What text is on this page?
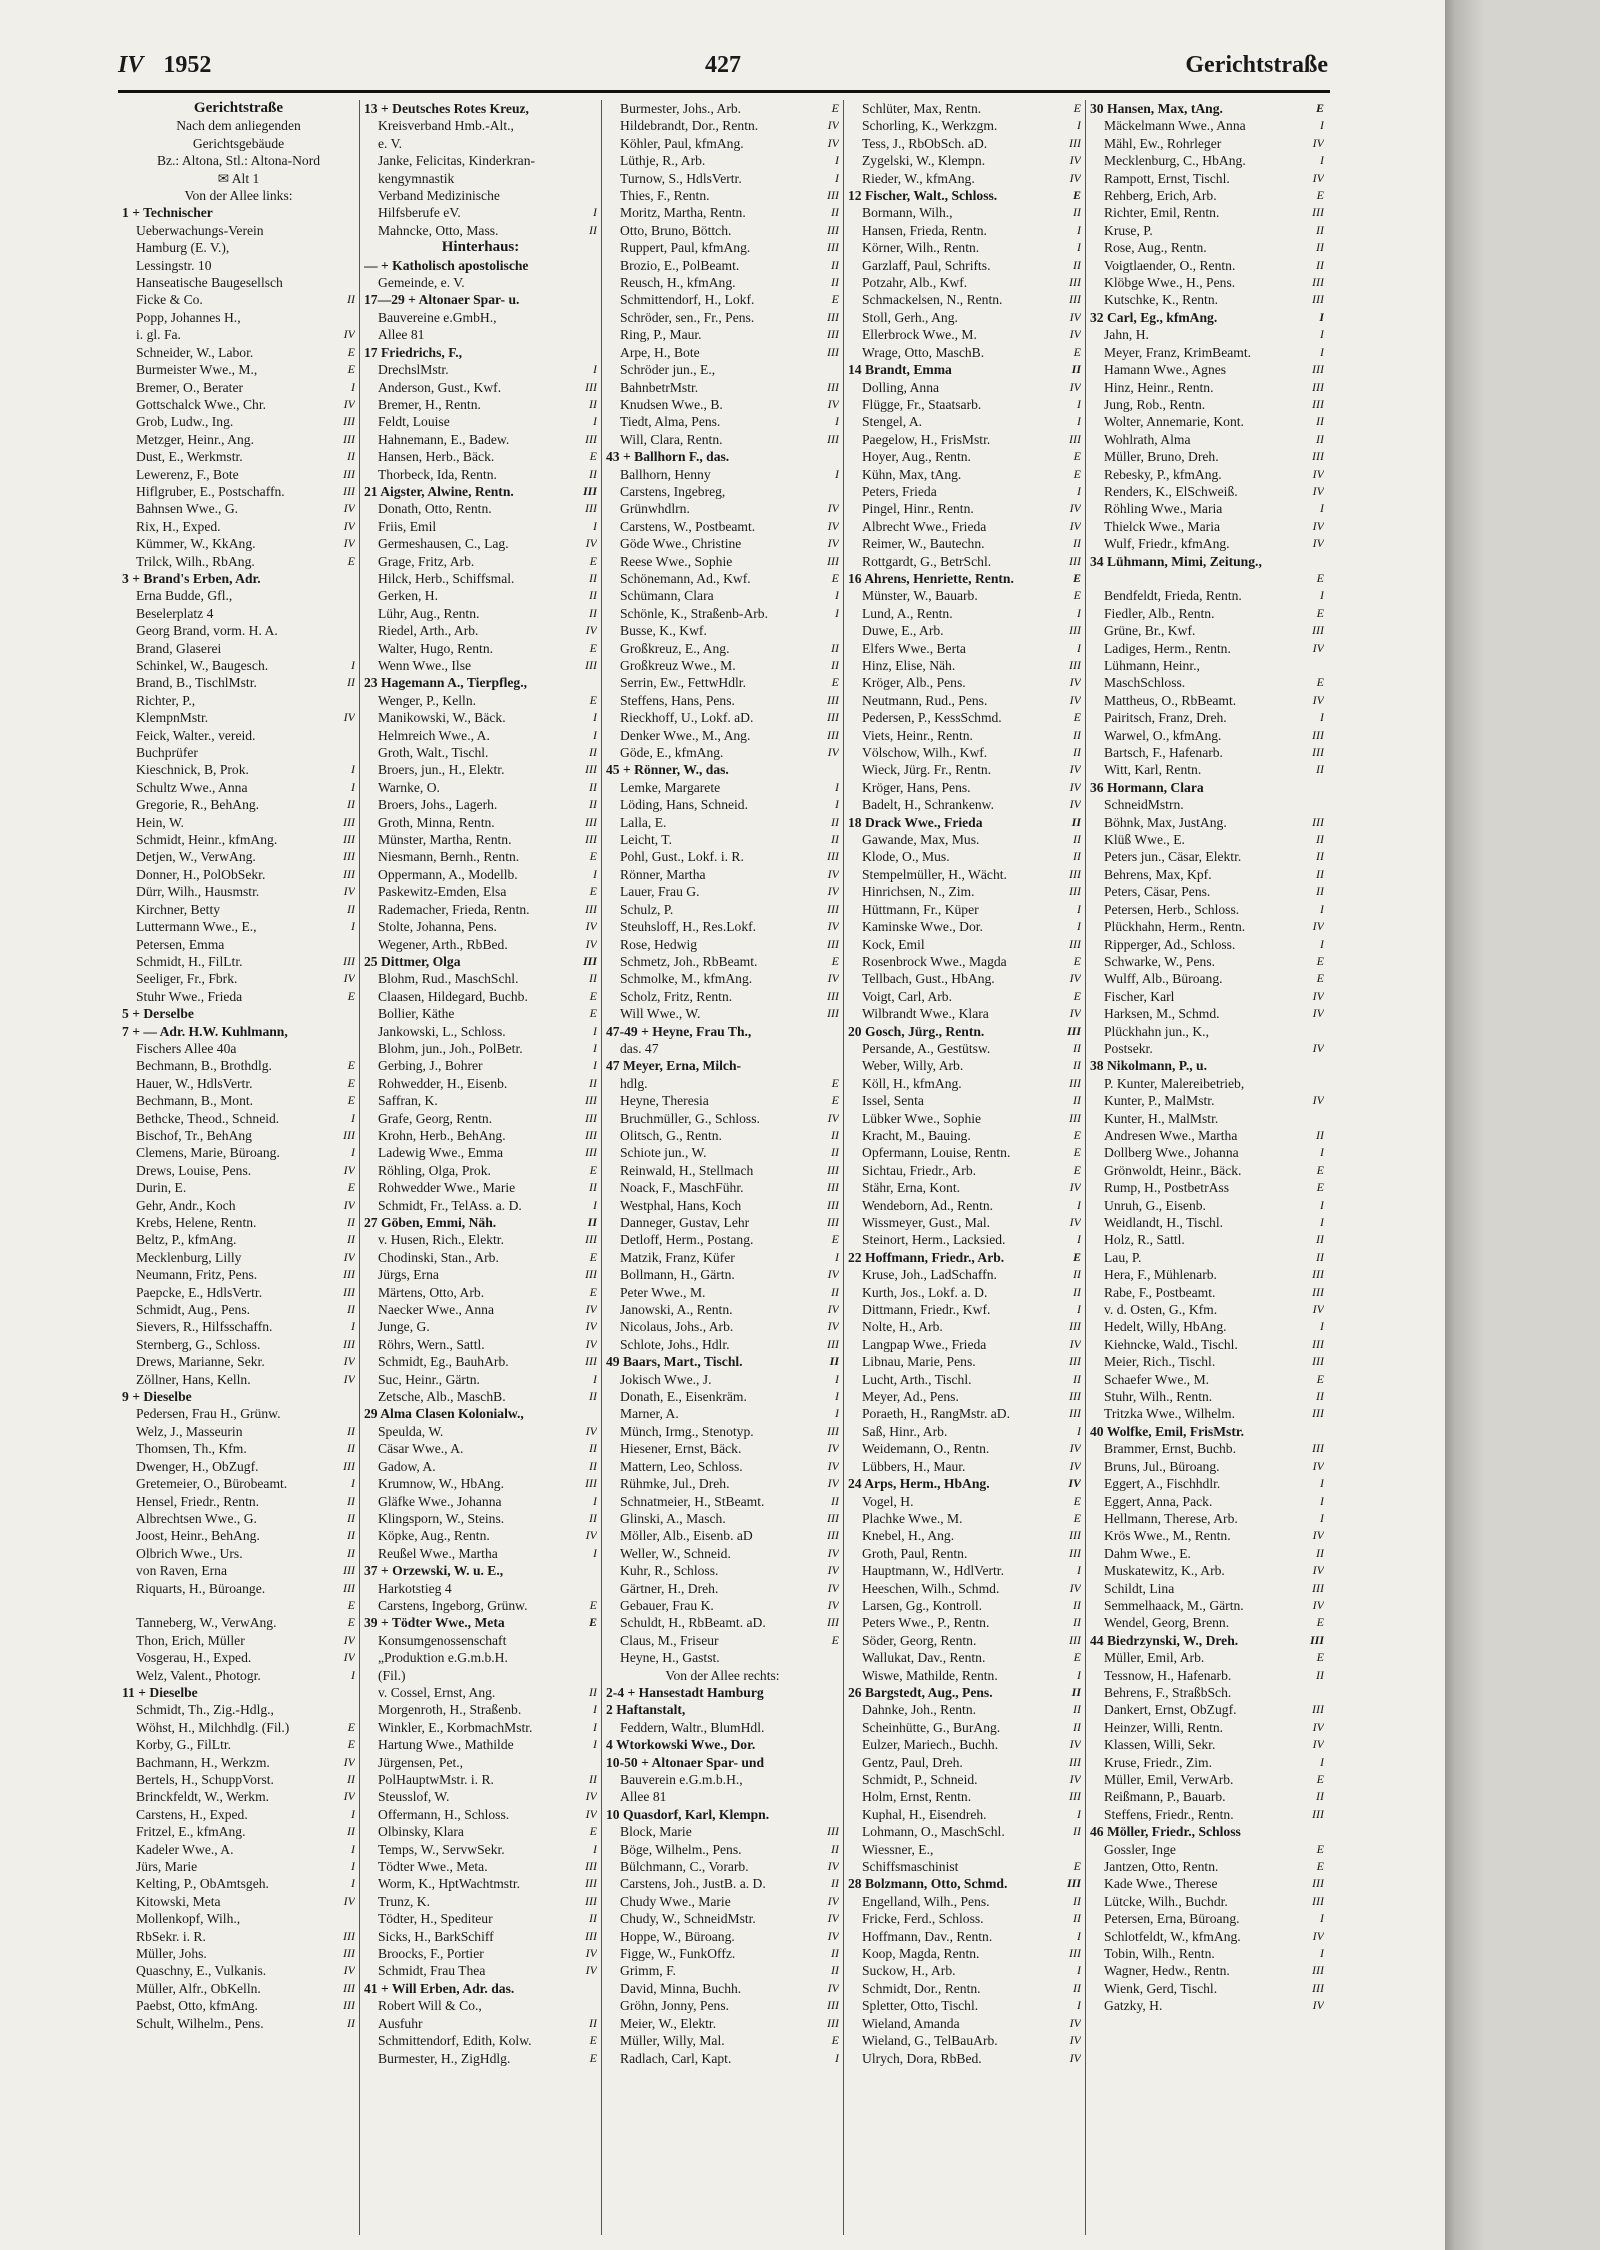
IV 1952	427	Gerichtstraße
Gerichtstraße
Nach dem anliegenden
Gerichtsgebäude
Bz.: Altona, Stl.: Altona-Nord
✉ Alt 1
Von der Allee links:
1 + Technischer
Ueberwachungs-Verein
Hamburg (E. V.),
Lessingstr. 10
Hanseatische Baugesellsch
II
Ficke & Co.
Popp, Johannes H.,
IV
i. gl. Fa.
E
Schneider, W., Labor.
E
Burmeister Wwe., M.,
I
Bremer, O., Berater
IV
Gottschalck Wwe., Chr.
III
Grob, Ludw., Ing.
III
Metzger, Heinr., Ang.
II
Dust, E., Werkmstr.
III
Lewerenz, F., Bote
III
Hiflgruber, E., Postschaffn.
IV
Bahnsen Wwe., G.
IV
Rix, H., Exped.
IV
Kümmer, W., KkAng.
E
Trilck, Wilh., RbAng.
3 + Brand's Erben, Adr.
Erna Budde, Gfl.,
Beselerplatz 4
Georg Brand, vorm. H. A.
Brand, Glaserei
I
Schinkel, W., Baugesch.
II
Brand, B., TischlMstr.
Richter, P.,
IV
KlempnMstr.
Feick, Walter., vereid.
Buchprüfer
I
Kieschnick, B, Prok.
I
Schultz Wwe., Anna
II
Gregorie, R., BehAng.
III
Hein, W.
III
Schmidt, Heinr., kfmAng.
III
Detjen, W., VerwAng.
III
Donner, H., PolObSekr.
IV
Dürr, Wilh., Hausmstr.
II
Kirchner, Betty
I
Luttermann Wwe., E.,
Petersen, Emma
III
Schmidt, H., FilLtr.
IV
Seeliger, Fr., Fbrk.
E
Stuhr Wwe., Frieda
5 + Derselbe
7 + — Adr. H.W. Kuhlmann,
Fischers Allee 40a
E
Bechmann, B., Brothdlg.
E
Hauer, W., HdlsVertr.
E
Bechmann, B., Mont.
I
Bethcke, Theod., Schneid.
III
Bischof, Tr., BehAng
I
Clemens, Marie, Büroang.
IV
Drews, Louise, Pens.
E
Durin, E.
IV
Gehr, Andr., Koch
II
Krebs, Helene, Rentn.
II
Beltz, P., kfmAng.
IV
Mecklenburg, Lilly
III
Neumann, Fritz, Pens.
III
Paepcke, E., HdlsVertr.
II
Schmidt, Aug., Pens.
I
Sievers, R., Hilfsschaffn.
III
Sternberg, G., Schloss.
IV
Drews, Marianne, Sekr.
IV
Zöllner, Hans, Kelln.
9 + Dieselbe
Pedersen, Frau H., Grünw.
II
Welz, J., Masseurin
II
Thomsen, Th., Kfm.
III
Dwenger, H., ObZugf.
I
Gretemeier, O., Bürobeamt.
II
Hensel, Friedr., Rentn.
II
Albrechtsen Wwe., G.
II
Joost, Heinr., BehAng.
II
Olbrich Wwe., Urs.
III
von Raven, Erna
III
Riquarts, H., Büroange.
E
E
Tanneberg, W., VerwAng.
IV
Thon, Erich, Müller
IV
Vosgerau, H., Exped.
I
Welz, Valent., Photogr.
11 + Dieselbe
Schmidt, Th., Zig.-Hdlg.,
E
Wöhst, H., Milchhdlg. (Fil.)
E
Korby, G., FilLtr.
IV
Bachmann, H., Werkzm.
II
Bertels, H., SchuppVorst.
IV
Brinckfeldt, W., Werkm.
I
Carstens, H., Exped.
II
Fritzel, E., kfmAng.
I
Kadeler Wwe., A.
I
Jürs, Marie
I
Kelting, P., ObAmtsgeh.
IV
Kitowski, Meta
Mollenkopf, Wilh.,
III
RbSekr. i. R.
III
Müller, Johs.
IV
Quaschny, E., Vulkanis.
III
Müller, Alfr., ObKelln.
III
Paebst, Otto, kfmAng.
II
Schult, Wilhelm., Pens.
13 + Deutsches Rotes Kreuz,
Kreisverband Hmb.-Alt.,
e. V.
Janke, Felicitas, Kinderkran-
kengymnastik
Verband Medizinische
I
Hilfsberufe eV.
II
Mahncke, Otto, Mass.
Hinterhaus:
— + Katholisch apostolische
Gemeinde, e. V.
17—29 + Altonaer Spar- u.
Bauvereine e.GmbH.,
Allee 81
17 Friedrichs, F.,
I
DrechslMstr.
III
Anderson, Gust., Kwf.
II
Bremer, H., Rentn.
I
Feldt, Louise
III
Hahnemann, E., Badew.
E
Hansen, Herb., Bäck.
II
Thorbeck, Ida, Rentn.
III
21 Aigster, Alwine, Rentn.
III
Donath, Otto, Rentn.
I
Friis, Emil
IV
Germeshausen, C., Lag.
E
Grage, Fritz, Arb.
II
Hilck, Herb., Schiffsmal.
II
Gerken, H.
II
Lühr, Aug., Rentn.
IV
Riedel, Arth., Arb.
E
Walter, Hugo, Rentn.
III
Wenn Wwe., Ilse
23 Hagemann A., Tierpfleg.,
E
Wenger, P., Kelln.
I
Manikowski, W., Bäck.
I
Helmreich Wwe., A.
II
Groth, Walt., Tischl.
III
Broers, jun., H., Elektr.
II
Warnke, O.
II
Broers, Johs., Lagerh.
III
Groth, Minna, Rentn.
III
Münster, Martha, Rentn.
E
Niesmann, Bernh., Rentn.
I
Oppermann, A., Modellb.
E
Paskewitz-Emden, Elsa
III
Rademacher, Frieda, Rentn.
IV
Stolte, Johanna, Pens.
IV
Wegener, Arth., RbBed.
III
25 Dittmer, Olga
II
Blohm, Rud., MaschSchl.
E
Claasen, Hildegard, Buchb.
E
Bollier, Käthe
I
Jankowski, L., Schloss.
I
Blohm, jun., Joh., PolBetr.
I
Gerbing, J., Bohrer
II
Rohwedder, H., Eisenb.
III
Saffran, K.
III
Grafe, Georg, Rentn.
III
Krohn, Herb., BehAng.
III
Ladewig Wwe., Emma
E
Röhling, Olga, Prok.
II
Rohwedder Wwe., Marie
I
Schmidt, Fr., TelAss. a. D.
II
27 Göben, Emmi, Näh.
III
v. Husen, Rich., Elektr.
E
Chodinski, Stan., Arb.
III
Jürgs, Erna
E
Märtens, Otto, Arb.
IV
Naecker Wwe., Anna
IV
Junge, G.
IV
Röhrs, Wern., Sattl.
III
Schmidt, Eg., BauhArb.
I
Suc, Heinr., Gärtn.
II
Zetsche, Alb., MaschB.
29 Alma Clasen Kolonialw.,
IV
Speulda, W.
II
Cäsar Wwe., A.
II
Gadow, A.
III
Krumnow, W., HbAng.
I
Gläfke Wwe., Johanna
II
Klingsporn, W., Steins.
IV
Köpke, Aug., Rentn.
I
Reußel Wwe., Martha
37 + Orzewski, W. u. E.,
Harkotstieg 4
E
Carstens, Ingeborg, Grünw.
E
39 + Tödter Wwe., Meta
Konsumgenossenschaft
„Produktion e.G.m.b.H.
(Fil.)
II
v. Cossel, Ernst, Ang.
I
Morgenroth, H., Straßenb.
I
Winkler, E., KorbmachMstr.
I
Hartung Wwe., Mathilde
Jürgensen, Pet.,
II
PolHauptwMstr. i. R.
IV
Steusslof, W.
IV
Offermann, H., Schloss.
E
Olbinsky, Klara
I
Temps, W., ServwSekr.
III
Tödter Wwe., Meta.
III
Worm, K., HptWachtmstr.
III
Trunz, K.
II
Tödter, H., Spediteur
III
Sicks, H., BarkSchiff
IV
Broocks, F., Portier
IV
Schmidt, Frau Thea
41 + Will Erben, Adr. das.
Robert Will & Co.,
II
Ausfuhr
E
Schmittendorf, Edith, Kolw.
E
Burmester, H., ZigHdlg.
E
Burmester, Johs., Arb.
IV
Hildebrandt, Dor., Rentn.
IV
Köhler, Paul, kfmAng.
I
Lüthje, R., Arb.
I
Turnow, S., HdlsVertr.
III
Thies, F., Rentn.
II
Moritz, Martha, Rentn.
III
Otto, Bruno, Böttch.
III
Ruppert, Paul, kfmAng.
II
Brozio, E., PolBeamt.
II
Reusch, H., kfmAng.
E
Schmittendorf, H., Lokf.
III
Schröder, sen., Fr., Pens.
III
Ring, P., Maur.
III
Arpe, H., Bote
Schröder jun., E.,
III
BahnbetrMstr.
IV
Knudsen Wwe., B.
I
Tiedt, Alma, Pens.
III
Will, Clara, Rentn.
43 + Ballhorn F., das.
I
Ballhorn, Henny
Carstens, Ingebreg,
IV
Grünwhdlrn.
IV
Carstens, W., Postbeamt.
IV
Göde Wwe., Christine
III
Reese Wwe., Sophie
E
Schönemann, Ad., Kwf.
I
Schümann, Clara
I
Schönle, K., Straßenb-Arb.
Busse, K., Kwf.
II
Großkreuz, E., Ang.
II
Großkreuz Wwe., M.
E
Serrin, Ew., FettwHdlr.
III
Steffens, Hans, Pens.
III
Rieckhoff, U., Lokf. aD.
III
Denker Wwe., M., Ang.
IV
Göde, E., kfmAng.
45 + Rönner, W., das.
I
Lemke, Margarete
I
Löding, Hans, Schneid.
II
Lalla, E.
II
Leicht, T.
III
Pohl, Gust., Lokf. i. R.
IV
Rönner, Martha
IV
Lauer, Frau G.
III
Schulz, P.
IV
Steuhsloff, H., Res.Lokf.
III
Rose, Hedwig
E
Schmetz, Joh., RbBeamt.
IV
Schmolke, M., kfmAng.
III
Scholz, Fritz, Rentn.
III
Will Wwe., W.
47-49 + Heyne, Frau Th.,
das. 47
47 Meyer, Erna, Milch-
E
hdlg.
E
Heyne, Theresia
IV
Bruchmüller, G., Schloss.
II
Olitsch, G., Rentn.
II
Schiote jun., W.
III
Reinwald, H., Stellmach
III
Noack, F., MaschFühr.
III
Westphal, Hans, Koch
III
Danneger, Gustav, Lehr
E
Detloff, Herm., Postang.
I
Matzik, Franz, Küfer
IV
Bollmann, H., Gärtn.
II
Peter Wwe., M.
IV
Janowski, A., Rentn.
IV
Nicolaus, Johs., Arb.
III
Schlote, Johs., Hdlr.
II
49 Baars, Mart., Tischl.
I
Jokisch Wwe., J.
I
Donath, E., Eisenkräm.
I
Marner, A.
III
Münch, Irmg., Stenotyp.
IV
Hiesener, Ernst, Bäck.
IV
Mattern, Leo, Schloss.
IV
Rühmke, Jul., Dreh.
II
Schnatmeier, H., StBeamt.
III
Glinski, A., Masch.
III
Möller, Alb., Eisenb. aD
IV
Weller, W., Schneid.
IV
Kuhr, R., Schloss.
IV
Gärtner, H., Dreh.
IV
Gebauer, Frau K.
III
Schuldt, H., RbBeamt. aD.
E
Claus, M., Friseur
Heyne, H., Gastst.
Von der Allee rechts:
2-4 + Hansestadt Hamburg
2 Haftanstalt,
Feddern, Waltr., BlumHdl.
4 Wtorkowski Wwe., Dor.
10-50 + Altonaer Spar- und
Bauverein e.G.m.b.H.,
Allee 81
10 Quasdorf, Karl, Klempn.
III
Block, Marie
II
Böge, Wilhelm., Pens.
IV
Bülchmann, C., Vorarb.
II
Carstens, Joh., JustB. a. D.
IV
Chudy Wwe., Marie
IV
Chudy, W., SchneidMstr.
IV
Hoppe, W., Büroang.
II
Figge, W., FunkOffz.
II
Grimm, F.
IV
David, Minna, Buchh.
III
Gröhn, Jonny, Pens.
III
Meier, W., Elektr.
E
Müller, Willy, Mal.
I
Radlach, Carl, Kapt.
E
Schlüter, Max, Rentn.
I
Schorling, K., Werkzgm.
III
Tess, J., RbObSch. aD.
IV
Zygelski, W., Klempn.
IV
Rieder, W., kfmAng.
E
12 Fischer, Walt., Schloss.
II
Bormann, Wilh.,
I
Hansen, Frieda, Rentn.
I
Körner, Wilh., Rentn.
II
Garzlaff, Paul, Schrifts.
III
Potzahr, Alb., Kwf.
III
Schmackelsen, N., Rentn.
IV
Stoll, Gerh., Ang.
IV
Ellerbrock Wwe., M.
E
Wrage, Otto, MaschB.
II
14 Brandt, Emma
IV
Dolling, Anna
I
Flügge, Fr., Staatsarb.
I
Stengel, A.
III
Paegelow, H., FrisMstr.
E
Hoyer, Aug., Rentn.
E
Kühn, Max, tAng.
I
Peters, Frieda
IV
Pingel, Hinr., Rentn.
IV
Albrecht Wwe., Frieda
II
Reimer, W., Bautechn.
III
Rottgardt, G., BetrSchl.
E
16 Ahrens, Henriette, Rentn.
E
Münster, W., Bauarb.
I
Lund, A., Rentn.
III
Duwe, E., Arb.
I
Elfers Wwe., Berta
III
Hinz, Elise, Näh.
IV
Kröger, Alb., Pens.
IV
Neutmann, Rud., Pens.
E
Pedersen, P., KessSchmd.
II
Viets, Heinr., Rentn.
II
Völschow, Wilh., Kwf.
IV
Wieck, Jürg. Fr., Rentn.
IV
Kröger, Hans, Pens.
IV
Badelt, H., Schrankenw.
II
18 Drack Wwe., Frieda
II
Gawande, Max, Mus.
II
Klode, O., Mus.
III
Stempelmüller, H., Wächt.
III
Hinrichsen, N., Zim.
I
Hüttmann, Fr., Küper
I
Kaminske Wwe., Dor.
III
Kock, Emil
E
Rosenbrock Wwe., Magda
IV
Tellbach, Gust., HbAng.
E
Voigt, Carl, Arb.
IV
Wilbrandt Wwe., Klara
III
20 Gosch, Jürg., Rentn.
II
Persande, A., Gestütsw.
II
Weber, Willy, Arb.
III
Köll, H., kfmAng.
II
Issel, Senta
III
Lübker Wwe., Sophie
E
Kracht, M., Bauing.
E
Opfermann, Louise, Rentn.
E
Sichtau, Friedr., Arb.
IV
Stähr, Erna, Kont.
I
Wendeborn, Ad., Rentn.
IV
Wissmeyer, Gust., Mal.
I
Steinort, Herm., Lacksied.
E
22 Hoffmann, Friedr., Arb.
II
Kruse, Joh., LadSchaffn.
II
Kurth, Jos., Lokf. a. D.
I
Dittmann, Friedr., Kwf.
III
Nolte, H., Arb.
IV
Langpap Wwe., Frieda
III
Libnau, Marie, Pens.
II
Lucht, Arth., Tischl.
III
Meyer, Ad., Pens.
III
Poraeth, H., RangMstr. aD.
I
Saß, Hinr., Arb.
IV
Weidemann, O., Rentn.
IV
Lübbers, H., Maur.
IV
24 Arps, Herm., HbAng.
E
Vogel, H.
E
Plachke Wwe., M.
III
Knebel, H., Ang.
III
Groth, Paul, Rentn.
I
Hauptmann, W., HdlVertr.
IV
Heeschen, Wilh., Schmd.
II
Larsen, Gg., Kontroll.
II
Peters Wwe., P., Rentn.
III
Söder, Georg, Rentn.
E
Wallukat, Dav., Rentn.
I
Wiswe, Mathilde, Rentn.
II
26 Bargstedt, Aug., Pens.
II
Dahnke, Joh., Rentn.
II
Scheinhütte, G., BurAng.
IV
Eulzer, Mariech., Buchh.
III
Gentz, Paul, Dreh.
IV
Schmidt, P., Schneid.
III
Holm, Ernst, Rentn.
I
Kuphal, H., Eisendreh.
II
Lohmann, O., MaschSchl.
Wiessner, E.,
E
Schiffsmaschinist
III
28 Bolzmann, Otto, Schmd.
II
Engelland, Wilh., Pens.
II
Fricke, Ferd., Schloss.
I
Hoffmann, Dav., Rentn.
III
Koop, Magda, Rentn.
I
Suckow, H., Arb.
II
Schmidt, Dor., Rentn.
I
Spletter, Otto, Tischl.
IV
Wieland, Amanda
IV
Wieland, G., TelBauArb.
IV
Ulrych, Dora, RbBed.
E
30 Hansen, Max, tAng.
I
Mäckelmann Wwe., Anna
IV
Mähl, Ew., Rohrleger
I
Mecklenburg, C., HbAng.
IV
Rampott, Ernst, Tischl.
E
Rehberg, Erich, Arb.
III
Richter, Emil, Rentn.
II
Kruse, P.
II
Rose, Aug., Rentn.
II
Voigtlaender, O., Rentn.
III
Klöbge Wwe., H., Pens.
III
Kutschke, K., Rentn.
I
32 Carl, Eg., kfmAng.
I
Jahn, H.
I
Meyer, Franz, KrimBeamt.
III
Hamann Wwe., Agnes
III
Hinz, Heinr., Rentn.
III
Jung, Rob., Rentn.
II
Wolter, Annemarie, Kont.
II
Wohlrath, Alma
III
Müller, Bruno, Dreh.
IV
Rebesky, P., kfmAng.
IV
Renders, K., ElSchweiß.
I
Röhling Wwe., Maria
IV
Thielck Wwe., Maria
IV
Wulf, Friedr., kfmAng.
34 Lühmann, Mimi, Zeitung.,
E
I
Bendfeldt, Frieda, Rentn.
E
Fiedler, Alb., Rentn.
III
Grüne, Br., Kwf.
IV
Ladiges, Herm., Rentn.
Lühmann, Heinr.,
E
MaschSchloss.
IV
Mattheus, O., RbBeamt.
I
Pairitsch, Franz, Dreh.
III
Warwel, O., kfmAng.
III
Bartsch, F., Hafenarb.
II
Witt, Karl, Rentn.
36 Hormann, Clara
SchneidMstrn.
III
Böhnk, Max, JustAng.
II
Klüß Wwe., E.
II
Peters jun., Cäsar, Elektr.
II
Behrens, Max, Kpf.
II
Peters, Cäsar, Pens.
I
Petersen, Herb., Schloss.
IV
Plückhahn, Herm., Rentn.
I
Ripperger, Ad., Schloss.
E
Schwarke, W., Pens.
E
Wulff, Alb., Büroang.
IV
Fischer, Karl
IV
Harksen, M., Schmd.
Plückhahn jun., K.,
IV
Postsekr.
38 Nikolmann, P., u.
P. Kunter, Malereibetrieb,
IV
Kunter, P., MalMstr.
Kunter, H., MalMstr.
II
Andresen Wwe., Martha
I
Dollberg Wwe., Johanna
E
Grönwoldt, Heinr., Bäck.
E
Rump, H., PostbetrAss
I
Unruh, G., Eisenb.
I
Weidlandt, H., Tischl.
II
Holz, R., Sattl.
II
Lau, P.
III
Hera, F., Mühlenarb.
III
Rabe, F., Postbeamt.
IV
v. d. Osten, G., Kfm.
I
Hedelt, Willy, HbAng.
III
Kiehncke, Wald., Tischl.
III
Meier, Rich., Tischl.
E
Schaefer Wwe., M.
II
Stuhr, Wilh., Rentn.
III
Tritzka Wwe., Wilhelm.
40 Wolfke, Emil, FrisMstr.
III
Brammer, Ernst, Buchb.
IV
Bruns, Jul., Büroang.
I
Eggert, A., Fischhdlr.
I
Eggert, Anna, Pack.
I
Hellmann, Therese, Arb.
IV
Krös Wwe., M., Rentn.
II
Dahm Wwe., E.
IV
Muskatewitz, K., Arb.
III
Schildt, Lina
IV
Semmelhaack, M., Gärtn.
E
Wendel, Georg, Brenn.
III
44 Biedrzynski, W., Dreh.
E
Müller, Emil, Arb.
II
Tessnow, H., Hafenarb.
Behrens, F., StraßbSch.
III
Dankert, Ernst, ObZugf.
IV
Heinzer, Willi, Rentn.
IV
Klassen, Willi, Sekr.
I
Kruse, Friedr., Zim.
E
Müller, Emil, VerwArb.
II
Reißmann, P., Bauarb.
III
Steffens, Friedr., Rentn.
46 Möller, Friedr., Schloss
E
Gossler, Inge
E
Jantzen, Otto, Rentn.
III
Kade Wwe., Therese
III
Lütcke, Wilh., Buchdr.
I
Petersen, Erna, Büroang.
IV
Schlotfeldt, W., kfmAng.
I
Tobin, Wilh., Rentn.
III
Wagner, Hedw., Rentn.
III
Wienk, Gerd, Tischl.
IV
Gatzky, H.
